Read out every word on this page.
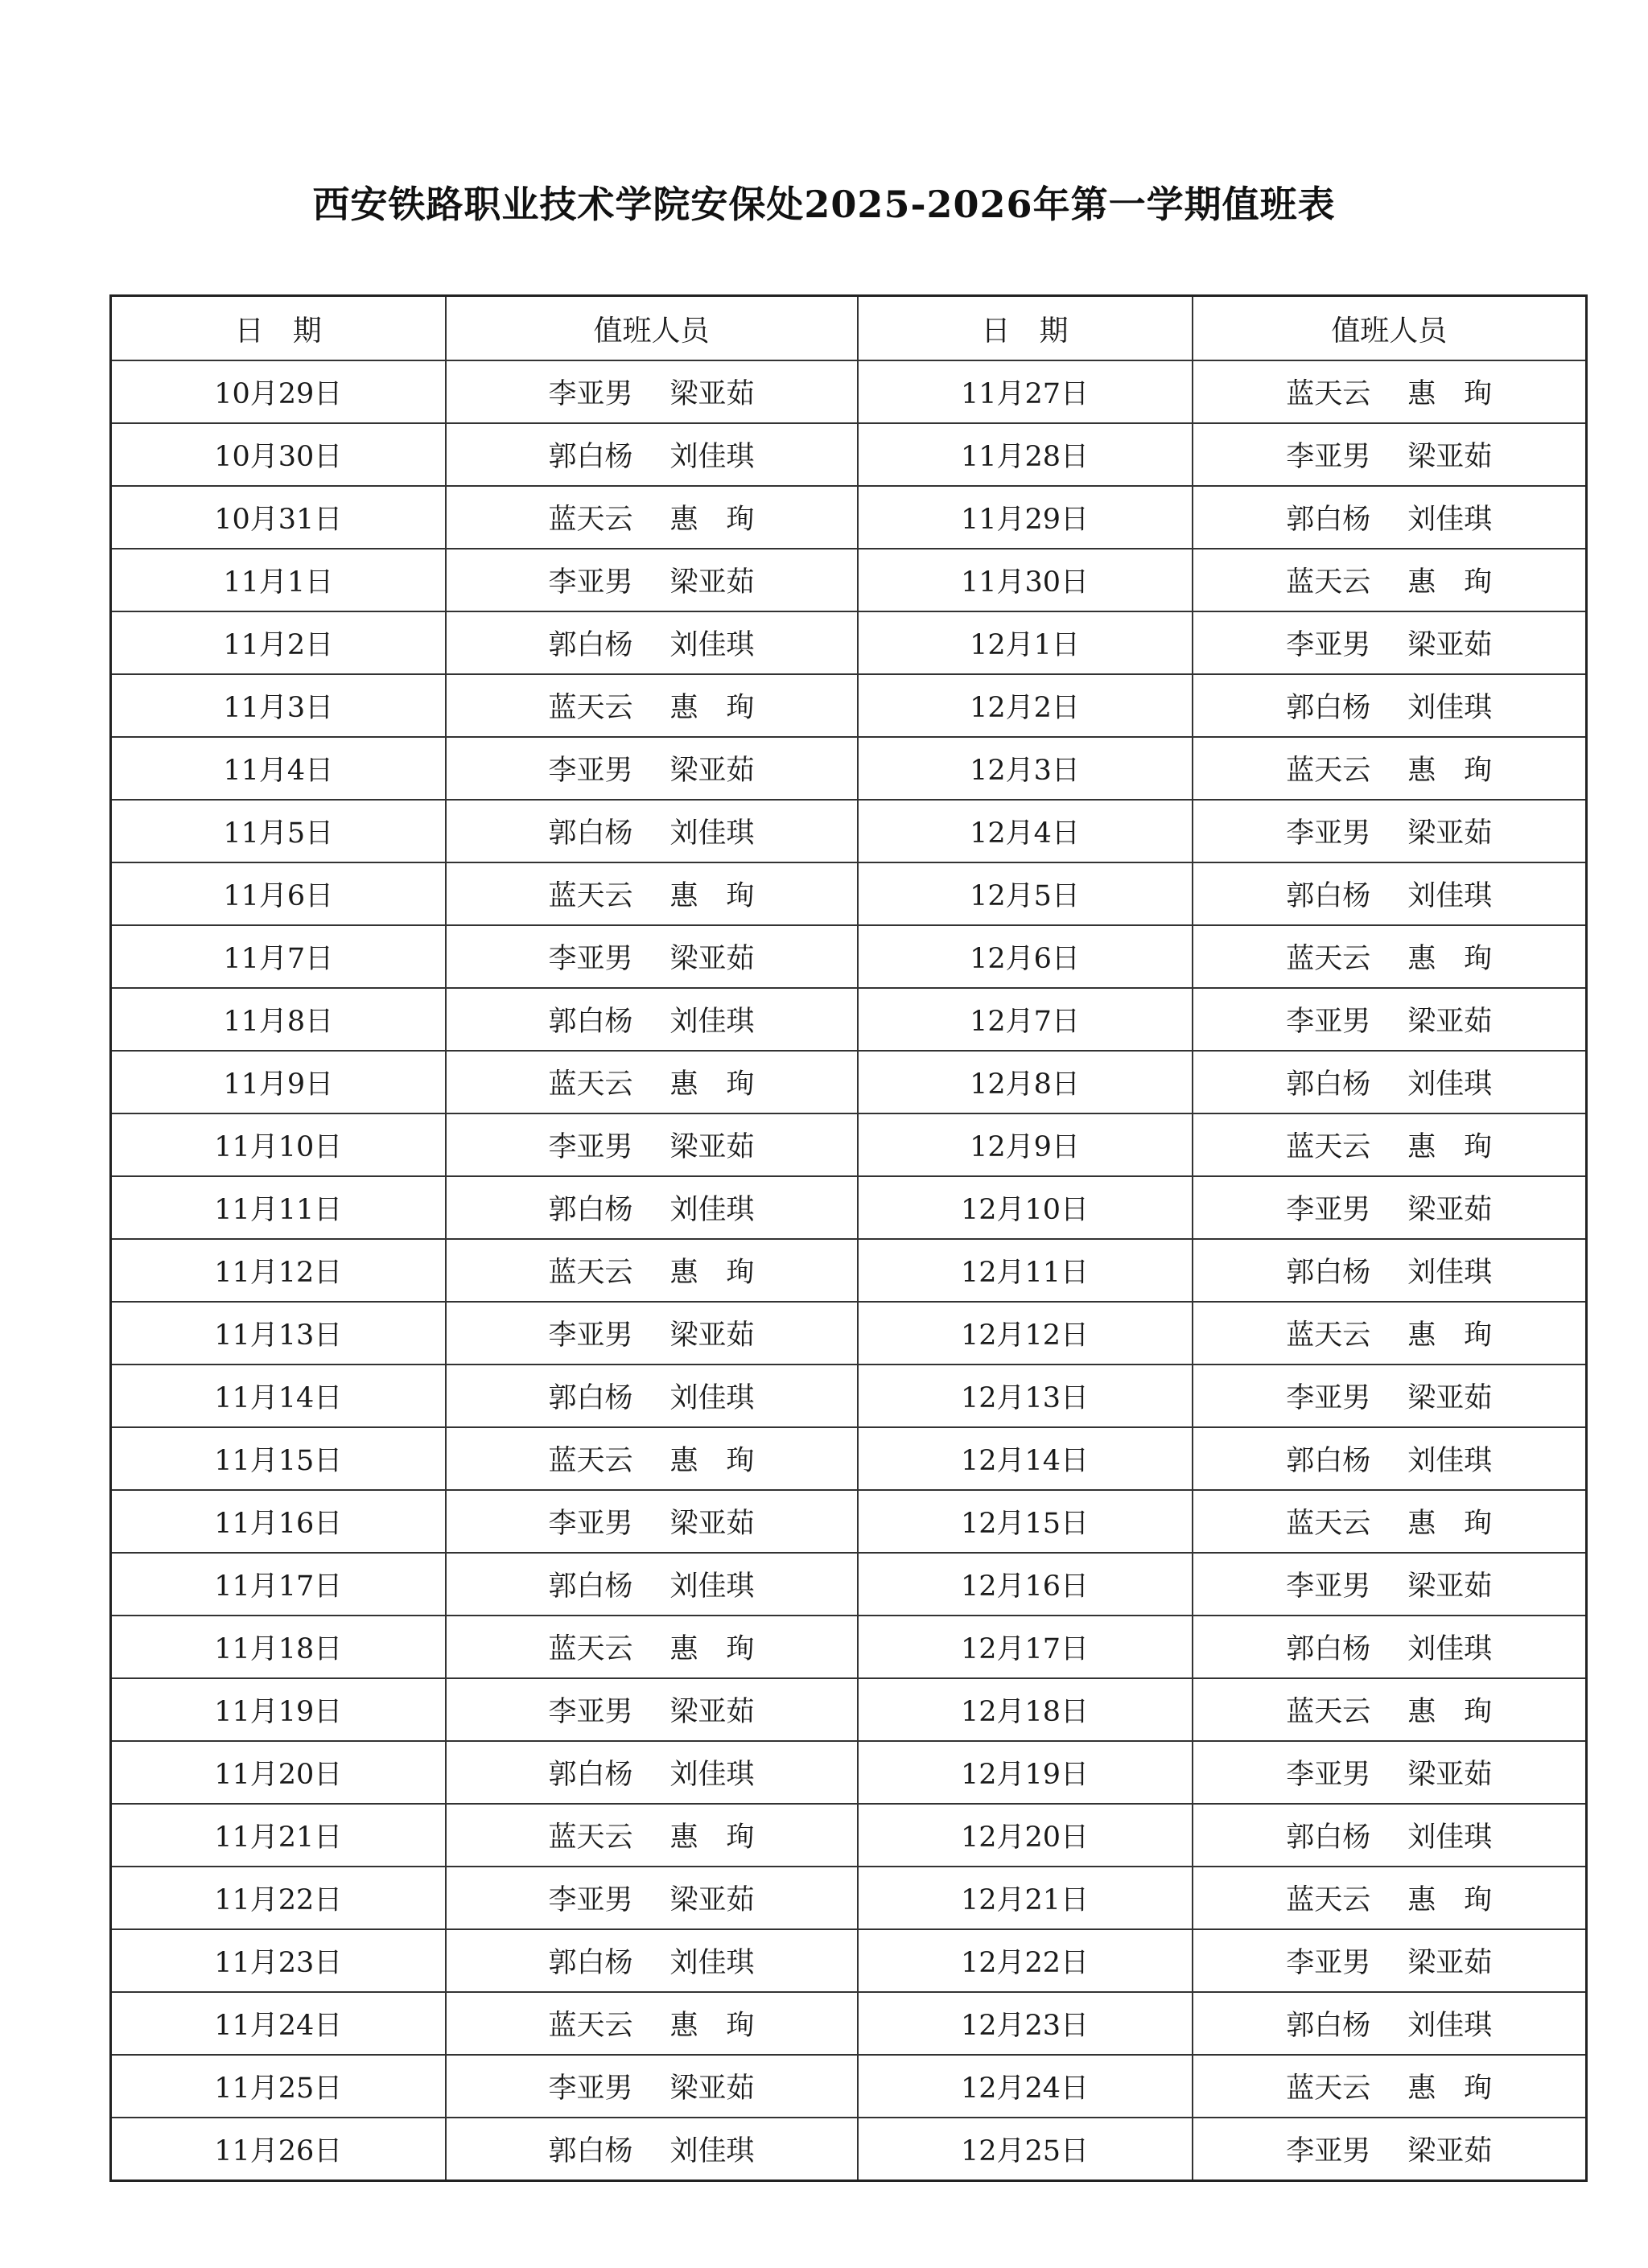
西安铁路职业技术学院安保处2025-2026年第一学期值班表
日　期	值班人员	日　期	值班人员
10月29日	李亚男 梁亚茹	11月27日	蓝天云 惠　珣
10月30日	郭白杨 刘佳琪	11月28日	李亚男 梁亚茹
10月31日	蓝天云 惠　珣	11月29日	郭白杨 刘佳琪
11月1日	李亚男 梁亚茹	11月30日	蓝天云 惠　珣
11月2日	郭白杨 刘佳琪	12月1日	李亚男 梁亚茹
11月3日	蓝天云 惠　珣	12月2日	郭白杨 刘佳琪
11月4日	李亚男 梁亚茹	12月3日	蓝天云 惠　珣
11月5日	郭白杨 刘佳琪	12月4日	李亚男 梁亚茹
11月6日	蓝天云 惠　珣	12月5日	郭白杨 刘佳琪
11月7日	李亚男 梁亚茹	12月6日	蓝天云 惠　珣
11月8日	郭白杨 刘佳琪	12月7日	李亚男 梁亚茹
11月9日	蓝天云 惠　珣	12月8日	郭白杨 刘佳琪
11月10日	李亚男 梁亚茹	12月9日	蓝天云 惠　珣
11月11日	郭白杨 刘佳琪	12月10日	李亚男 梁亚茹
11月12日	蓝天云 惠　珣	12月11日	郭白杨 刘佳琪
11月13日	李亚男 梁亚茹	12月12日	蓝天云 惠　珣
11月14日	郭白杨 刘佳琪	12月13日	李亚男 梁亚茹
11月15日	蓝天云 惠　珣	12月14日	郭白杨 刘佳琪
11月16日	李亚男 梁亚茹	12月15日	蓝天云 惠　珣
11月17日	郭白杨 刘佳琪	12月16日	李亚男 梁亚茹
11月18日	蓝天云 惠　珣	12月17日	郭白杨 刘佳琪
11月19日	李亚男 梁亚茹	12月18日	蓝天云 惠　珣
11月20日	郭白杨 刘佳琪	12月19日	李亚男 梁亚茹
11月21日	蓝天云 惠　珣	12月20日	郭白杨 刘佳琪
11月22日	李亚男 梁亚茹	12月21日	蓝天云 惠　珣
11月23日	郭白杨 刘佳琪	12月22日	李亚男 梁亚茹
11月24日	蓝天云 惠　珣	12月23日	郭白杨 刘佳琪
11月25日	李亚男 梁亚茹	12月24日	蓝天云 惠　珣
11月26日	郭白杨 刘佳琪	12月25日	李亚男 梁亚茹
